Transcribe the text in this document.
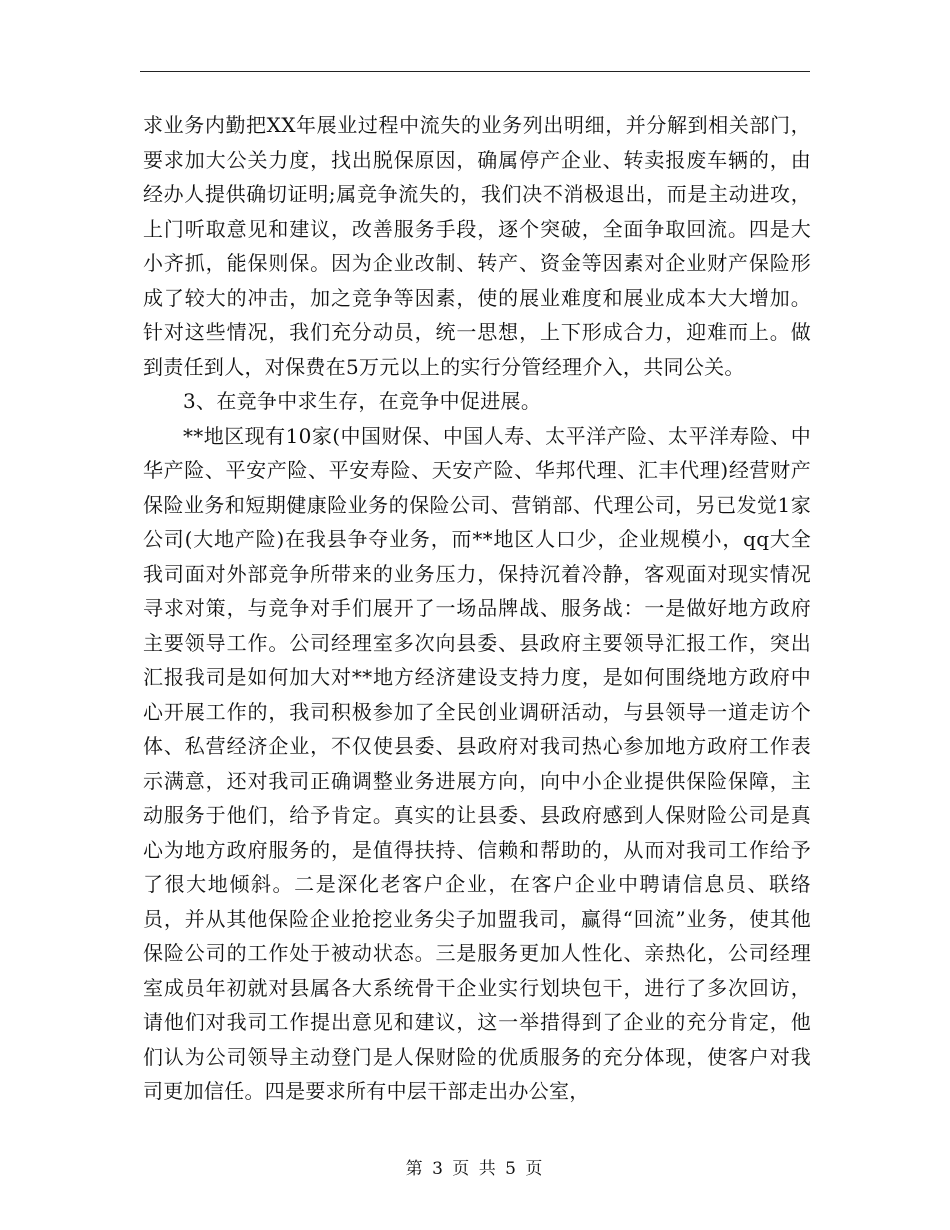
求业务内勤把XX年展业过程中流失的业务列出明细，并分解到相关部门，要求加大公关力度，找出脱保原因，确属停产企业、转卖报废车辆的，由经办人提供确切证明;属竞争流失的，我们决不消极退出，而是主动进攻，上门听取意见和建议，改善服务手段，逐个突破，全面争取回流。四是大小齐抓，能保则保。因为企业改制、转产、资金等因素对企业财产保险形成了较大的冲击，加之竞争等因素，使的展业难度和展业成本大大增加。针对这些情况，我们充分动员，统一思想，上下形成合力，迎难而上。做到责任到人，对保费在5万元以上的实行分管经理介入，共同公关。

3、在竞争中求生存，在竞争中促进展。

**地区现有10家(中国财保、中国人寿、太平洋产险、太平洋寿险、中华产险、平安产险、平安寿险、天安产险、华邦代理、汇丰代理)经营财产保险业务和短期健康险业务的保险公司、营销部、代理公司，另已发觉1家公司(大地产险)在我县争夺业务，而**地区人口少，企业规模小，qq大全我司面对外部竞争所带来的业务压力，保持沉着冷静，客观面对现实情况寻求对策，与竞争对手们展开了一场品牌战、服务战：一是做好地方政府主要领导工作。公司经理室多次向县委、县政府主要领导汇报工作，突出汇报我司是如何加大对**地方经济建设支持力度，是如何围绕地方政府中心开展工作的，我司积极参加了全民创业调研活动，与县领导一道走访个体、私营经济企业，不仅使县委、县政府对我司热心参加地方政府工作表示满意，还对我司正确调整业务进展方向，向中小企业提供保险保障，主动服务于他们，给予肯定。真实的让县委、县政府感到人保财险公司是真心为地方政府服务的，是值得扶持、信赖和帮助的，从而对我司工作给予了很大地倾斜。二是深化老客户企业，在客户企业中聘请信息员、联络员，并从其他保险企业抢挖业务尖子加盟我司，赢得“回流”业务，使其他保险公司的工作处于被动状态。三是服务更加人性化、亲热化，公司经理室成员年初就对县属各大系统骨干企业实行划块包干，进行了多次回访，请他们对我司工作提出意见和建议，这一举措得到了企业的充分肯定，他们认为公司领导主动登门是人保财险的优质服务的充分体现，使客户对我司更加信任。四是要求所有中层干部走出办公室，

第 3 页 共 5 页
